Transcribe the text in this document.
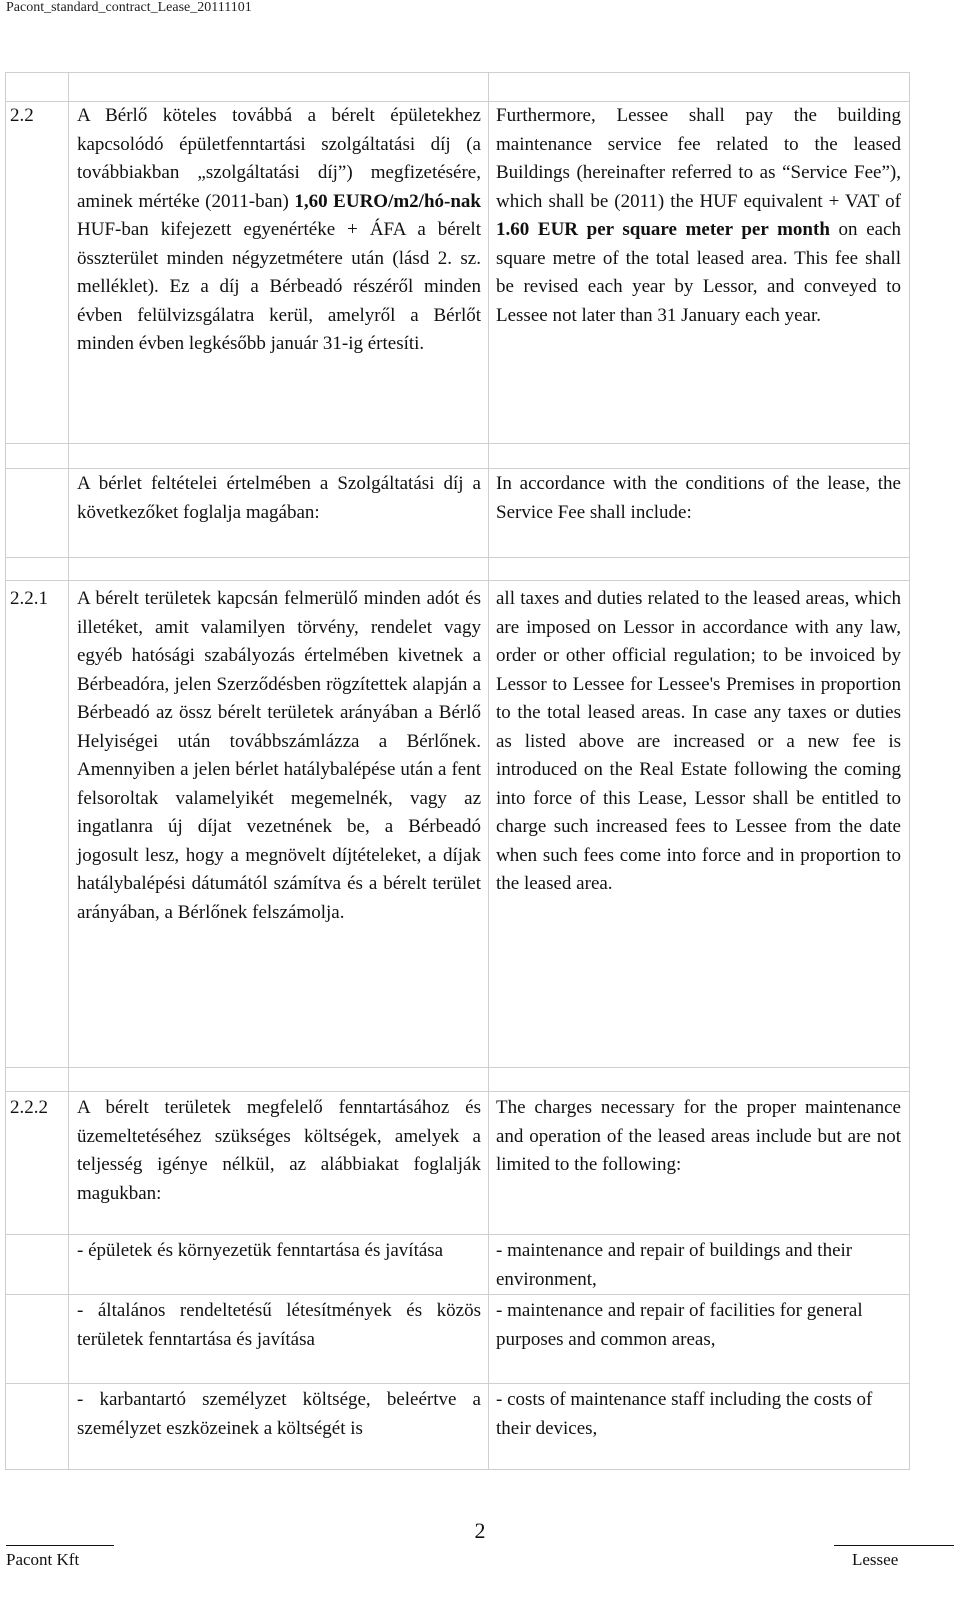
Pacont_standard_contract_Lease_20111101
2.2 A Bérlő köteles továbbá a bérelt épületekhez kapcsolódó épületfenntartási szolgáltatási díj (a továbbiakban „szolgáltatási díj”) megfizetésére, aminek mértéke (2011-ban) 1,60 EURO/m2/hó-nak HUF-ban kifejezett egyenértéke + ÁFA a bérelt összterület minden négyzetmétere után (lásd 2. sz. melléklet). Ez a díj a Bérbeadó részéről minden évben felülvizsgálatra kerül, amelyről a Bérlőt minden évben legkésőbb január 31-ig értesíti.
Furthermore, Lessee shall pay the building maintenance service fee related to the leased Buildings (hereinafter referred to as “Service Fee”), which shall be (2011) the HUF equivalent + VAT of 1.60 EUR per square meter per month on each square metre of the total leased area. This fee shall be revised each year by Lessor, and conveyed to Lessee not later than 31 January each year.
A bérlet feltételei értelmében a Szolgáltatási díj a következőket foglalja magában:
In accordance with the conditions of the lease, the Service Fee shall include:
2.2.1 A bérelt területek kapcsán felmerülő minden adót és illetéket, amit valamilyen törvény, rendelet vagy egyéb hatósági szabályozás értelmében kivetnek a Bérbeadóra, jelen Szerződésben rögzítettek alapján a Bérbeadó az össz bérelt területek arányában a Bérlő Helyiségei után továbbszámlázza a Bérlőnek. Amennyiben a jelen bérlet hatálybalépése után a fent felsoroltak valamelyikét megemelnék, vagy az ingatlanra új díjat vezetnének be, a Bérbeadó jogosult lesz, hogy a megnövelt díjtételeket, a díjak hatálybalépési dátumától számítva és a bérelt terület arányában, a Bérlőnek felszámolja.
all taxes and duties related to the leased areas, which are imposed on Lessor in accordance with any law, order or other official regulation; to be invoiced by Lessor to Lessee for Lessee's Premises in proportion to the total leased areas. In case any taxes or duties as listed above are increased or a new fee is introduced on the Real Estate following the coming into force of this Lease, Lessor shall be entitled to charge such increased fees to Lessee from the date when such fees come into force and in proportion to the leased area.
2.2.2 A bérelt területek megfelelő fenntartásához és üzemeltetéséhez szükséges költségek, amelyek a teljesség igénye nélkül, az alábbiakat foglalják magukban:
The charges necessary for the proper maintenance and operation of the leased areas include but are not limited to the following:
- épületek és környezetük fenntartása és javítása	- maintenance and repair of buildings and their environment,
- általános rendeltetésű létesítmények és közös területek fenntartása és javítása
- maintenance and repair of facilities for general purposes and common areas,
- karbantartó személyzet költsége, beleértve a személyzet eszközeinek a költségét is
- costs of maintenance staff including the costs of their devices,
2
Pacont Kft	Lessee
